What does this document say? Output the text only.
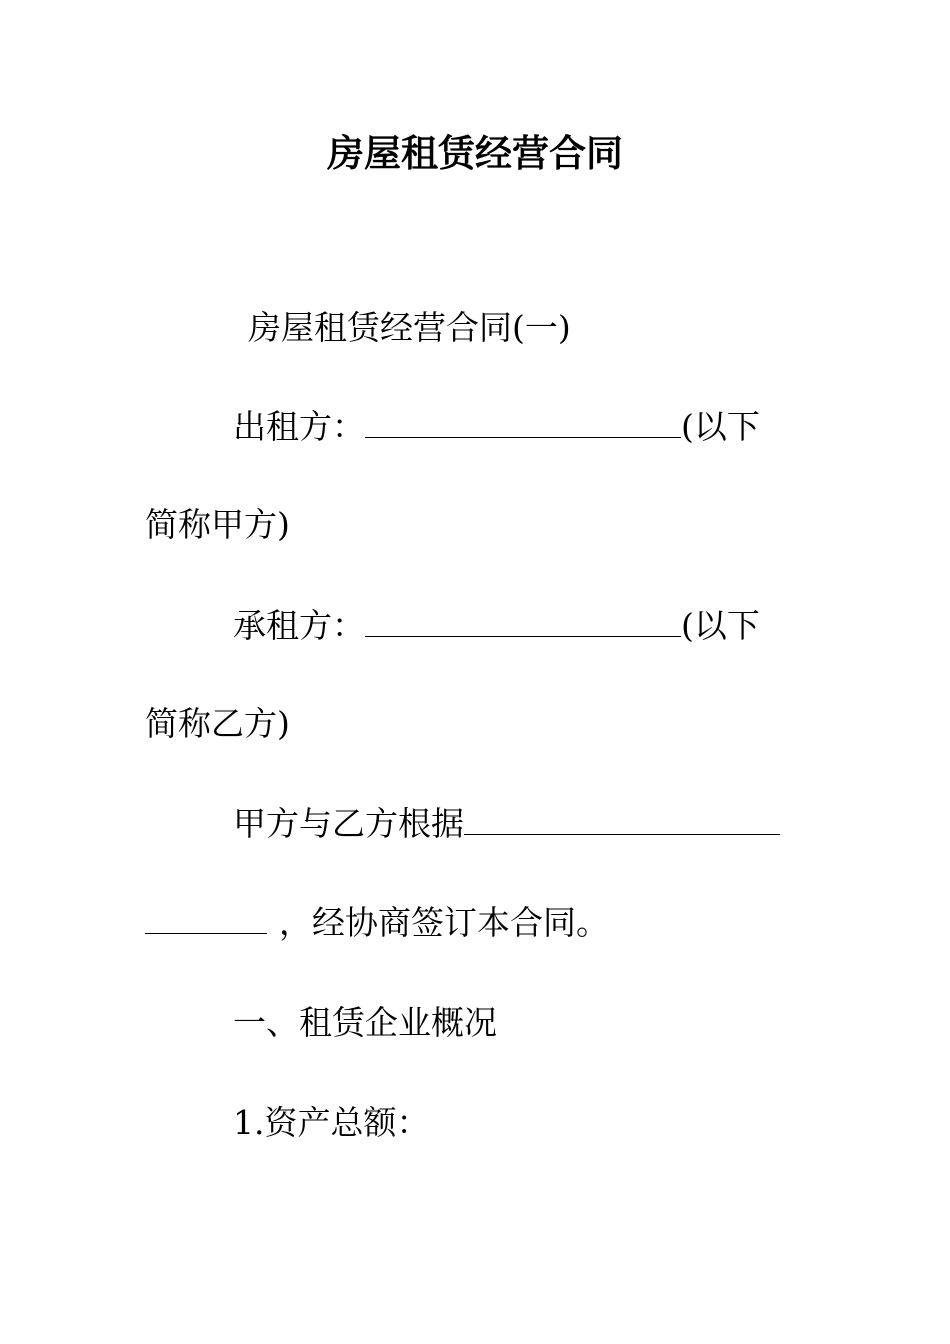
房屋租赁经营合同
房屋租赁经营合同(一)
出租方：	(以下
简称甲方)
承租方：	(以下
简称乙方)
甲方与乙方根据
，经协商签订本合同。
一、租赁企业概况
1.资产总额：
